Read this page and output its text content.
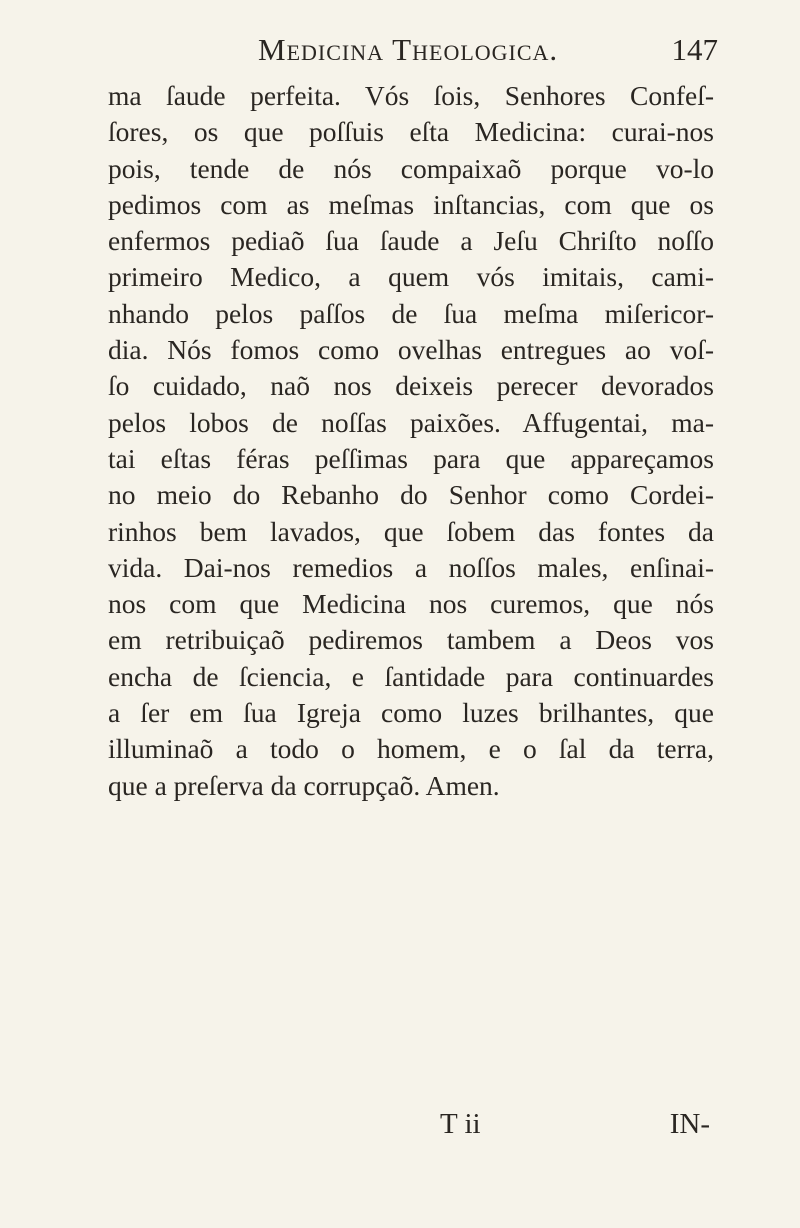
Medicina Theologica.	147
ma ſaude perfeita. Vós ſois, Senhores Confeſ-
ſores, os que poſſuis eſta Medicina: curai-nos
pois, tende de nós compaixaõ porque vo-lo
pedimos com as meſmas inſtancias, com que os
enfermos pediaõ ſua ſaude a Jeſu Chriſto noſſo
primeiro Medico, a quem vós imitais, cami-
nhando pelos paſſos de ſua meſma miſericor-
dia. Nós fomos como ovelhas entregues ao voſ-
ſo cuidado, naõ nos deixeis perecer devorados
pelos lobos de noſſas paixões. Affugentai, ma-
tai eſtas féras peſſimas para que appareçamos
no meio do Rebanho do Senhor como Cordei-
rinhos bem lavados, que ſobem das fontes da
vida. Dai-nos remedios a noſſos males, enſinai-
nos com que Medicina nos curemos, que nós
em retribuiçaõ pediremos tambem a Deos vos
encha de ſciencia, e ſantidade para continuardes
a ſer em ſua Igreja como luzes brilhantes, que
illuminaõ a todo o homem, e o ſal da terra,
que a preſerva da corrupçaõ. Amen.
T ii	IN-
